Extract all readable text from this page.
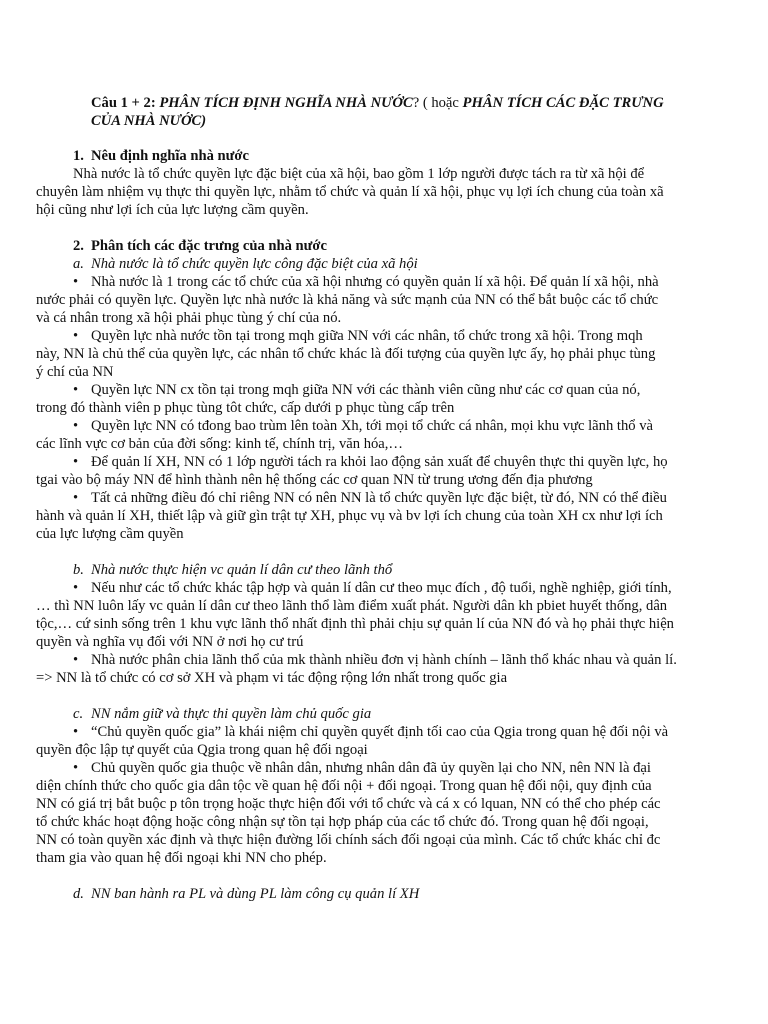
Câu 1 + 2: PHÂN TÍCH ĐỊNH NGHĨA NHÀ NƯỚC? ( hoặc PHÂN TÍCH CÁC ĐẶC TRƯNG
CỦA NHÀ NƯỚC)
1. Nêu định nghĩa nhà nước
Nhà nước là tổ chức quyền lực đặc biệt của xã hội, bao gồm 1 lớp người được tách ra từ xã hội để
chuyên làm nhiệm vụ thực thi quyền lực, nhằm tổ chức và quản lí xã hội, phục vụ lợi ích chung của toàn xã
hội cũng như lợi ích của lực lượng cầm quyền.
2. Phân tích các đặc trưng của nhà nước
a. Nhà nước là tổ chức quyền lực công đặc biệt của xã hội
• Nhà nước là 1 trong các tổ chức của xã hội nhưng có quyền quản lí xã hội. Để quản lí xã hội, nhà
nước phải có quyền lực. Quyền lực nhà nước là khả năng và sức mạnh của NN có thể bắt buộc các tổ chức
và cá nhân trong xã hội phải phục tùng ý chí của nó.
• Quyền lực nhà nước tồn tại trong mqh giữa NN với các nhân, tổ chức trong xã hội. Trong mqh
này, NN là chủ thể của quyền lực, các nhân tổ chức khác là đối tượng của quyền lực ấy, họ phải phục tùng
ý chí của NN
• Quyền lực NN cx tồn tại trong mqh giữa NN với các thành viên cũng như các cơ quan của nó,
trong đó thành viên p phục tùng tôt chức, cấp dưới p phục tùng cấp trên
• Quyền lực NN có tđong bao trùm lên toàn Xh, tới mọi tổ chức cá nhân, mọi khu vực lãnh thổ và
các lĩnh vực cơ bản của đời sống: kinh tế, chính trị, văn hóa,…
• Để quản lí XH, NN có 1 lớp người tách ra khỏi lao động sản xuất để chuyên thực thi quyền lực, họ
tgai vào bộ máy NN để hình thành nên hệ thống các cơ quan NN từ trung ương đến địa phương
• Tất cả những điều đó chỉ riêng NN có nên NN là tổ chức quyền lực đặc biệt, từ đó, NN có thể điều
hành và quản lí XH, thiết lập và giữ gìn trật tự XH, phục vụ và bv lợi ích chung của toàn XH cx như lợi ích
của lực lượng cầm quyền
b. Nhà nước thực hiện vc quản lí dân cư theo lãnh thổ
• Nếu như các tổ chức khác tập hợp và quản lí dân cư theo mục đích , độ tuổi, nghề nghiệp, giới tính,
… thì NN luôn lấy vc quản lí dân cư theo lãnh thổ làm điểm xuất phát. Người dân kh pbiet huyết thống, dân
tộc,… cứ sinh sống trên 1 khu vực lãnh thổ nhất định thì phải chịu sự quản lí của NN đó và họ phải thực hiện
quyền và nghĩa vụ đối với NN ở nơi họ cư trú
• Nhà nước phân chia lãnh thổ của mk thành nhiều đơn vị hành chính – lãnh thổ khác nhau và quản lí.
=> NN là tổ chức có cơ sở XH và phạm vi tác động rộng lớn nhất trong quốc gia
c. NN nắm giữ và thực thi quyền làm chủ quốc gia
• “Chủ quyền quốc gia” là khái niệm chỉ quyền quyết định tối cao của Qgia trong quan hệ đối nội và
quyền độc lập tự quyết của Qgia trong quan hệ đối ngoại
• Chủ quyền quốc gia thuộc về nhân dân, nhưng nhân dân đã ủy quyền lại cho NN, nên NN là đại
diện chính thức cho quốc gia dân tộc về quan hệ đối nội + đối ngoại. Trong quan hệ đối nội, quy định của
NN có giá trị bắt buộc p tôn trọng hoặc thực hiện đối với tổ chức và cá x có lquan, NN có thể cho phép các
tổ chức khác hoạt động hoặc công nhận sự tồn tại hợp pháp của các tổ chức đó. Trong quan hệ đối ngoại,
NN có toàn quyền xác định và thực hiện đường lối chính sách đối ngoại của mình. Các tổ chức khác chỉ đc
tham gia vào quan hệ đối ngoại khi NN cho phép.
d. NN ban hành ra PL và dùng PL làm công cụ quản lí XH
